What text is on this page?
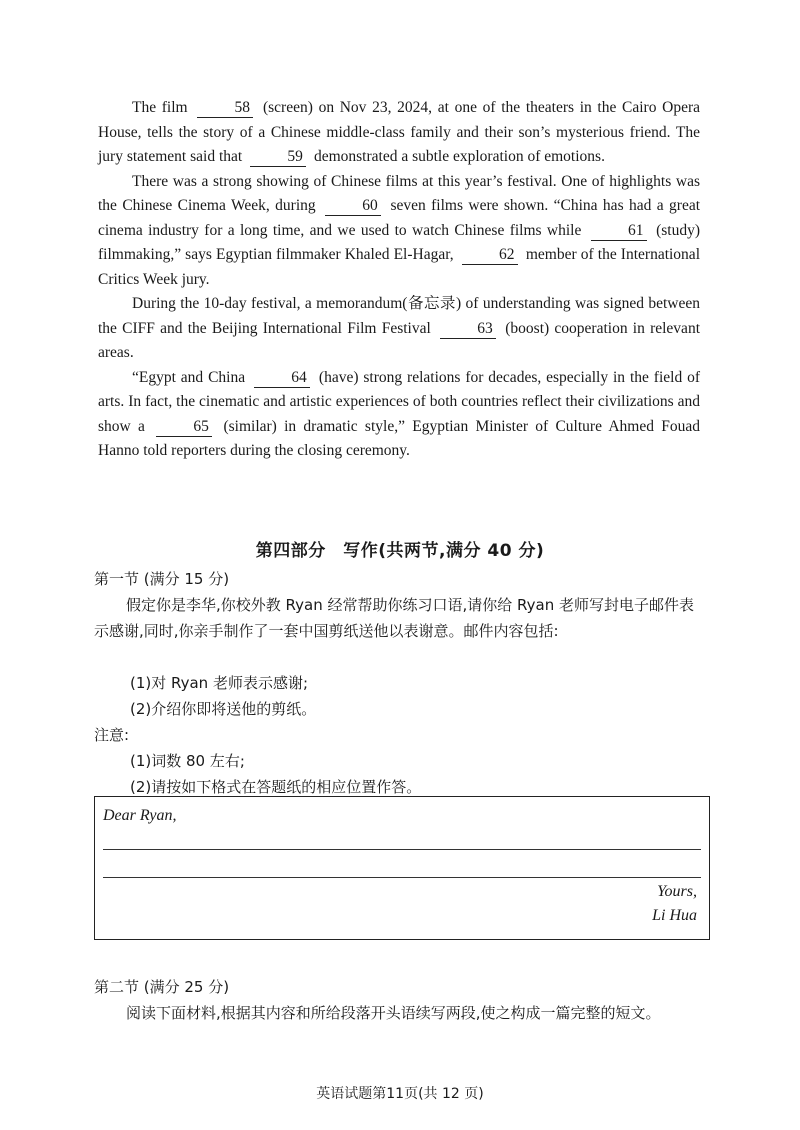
The film	58 (screen) on Nov 23, 2024, at one of the theaters in the Cairo Opera House, tells the story of a Chinese middle-class family and their son’s mysterious friend. The jury statement said that	59 demonstrated a subtle exploration of emotions.

There was a strong showing of Chinese films at this year’s festival. One of highlights was the Chinese Cinema Week, during	60 seven films were shown. “China has had a great cinema industry for a long time, and we used to watch Chinese films while	61 (study) filmmaking,” says Egyptian filmmaker Khaled El-Hagar,	62 member of the International Critics Week jury.

During the 10-day festival, a memorandum(备忘录) of understanding was signed between the CIFF and the Beijing International Film Festival	63 (boost) cooperation in relevant areas.

“Egypt and China	64 (have) strong relations for decades, especially in the field of arts. In fact, the cinematic and artistic experiences of both countries reflect their civilizations and show a	65 (similar) in dramatic style,” Egyptian Minister of Culture Ahmed Fouad Hanno told reporters during the closing ceremony.

第四部分　写作(共两节,满分 40 分)
第一节 (满分 15 分)
假定你是李华,你校外教 Ryan 经常帮助你练习口语,请你给 Ryan 老师写封电子邮件表示感谢,同时,你亲手制作了一套中国剪纸送他以表谢意。邮件内容包括:
(1)对 Ryan 老师表示感谢;
(2)介绍你即将送他的剪纸。
注意:
(1)词数 80 左右;
(2)请按如下格式在答题纸的相应位置作答。
Dear Ryan,
Yours,
Li Hua
第二节 (满分 25 分)
阅读下面材料,根据其内容和所给段落开头语续写两段,使之构成一篇完整的短文。
英语试题第11页(共 12 页)
